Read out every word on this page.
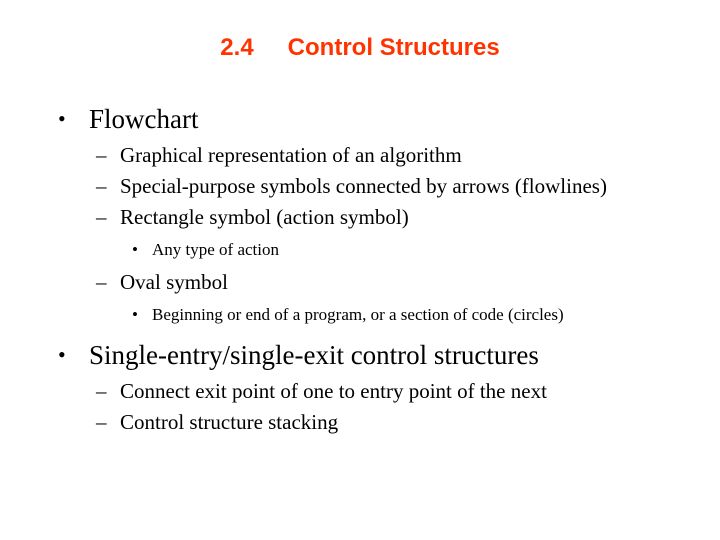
2.4 Control Structures
• Flowchart
– Graphical representation of an algorithm
– Special-purpose symbols connected by arrows (flowlines)
– Rectangle symbol (action symbol)
• Any type of action
– Oval symbol
• Beginning or end of a program, or a section of code (circles)
• Single-entry/single-exit control structures
– Connect exit point of one to entry point of the next
– Control structure stacking
